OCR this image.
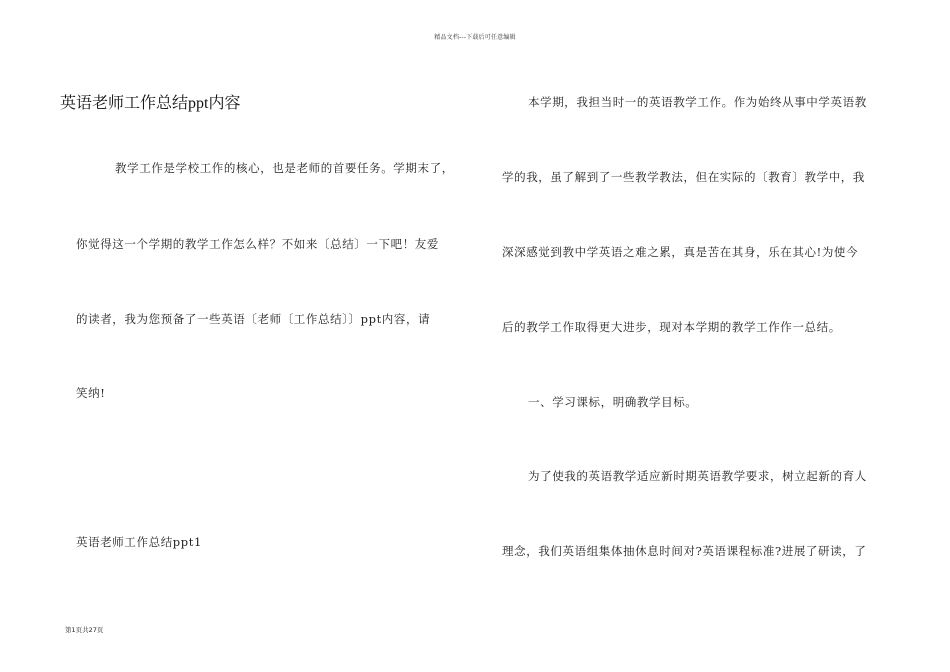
精品文档---下载后可任意编辑
英语老师工作总结ppt内容
教学工作是学校工作的核心，也是老师的首要任务。学期末了，
你觉得这一个学期的教学工作怎么样？不如来〔总结〕一下吧！友爱
的读者，我为您预备了一些英语〔老师〔工作总结〕〕ppt内容，请
笑纳!
英语老师工作总结ppt1
本学期，我担当时一的英语教学工作。作为始终从事中学英语教
学的我，虽了解到了一些教学教法，但在实际的〔教育〕教学中，我
深深感觉到教中学英语之难之累，真是苦在其身，乐在其心!为使今
后的教学工作取得更大进步，现对本学期的教学工作作一总结。
一、学习课标，明确教学目标。
为了使我的英语教学适应新时期英语教学要求，树立起新的育人
理念，我们英语组集体抽休息时间对?英语课程标准?进展了研读，了
第1页共27页
